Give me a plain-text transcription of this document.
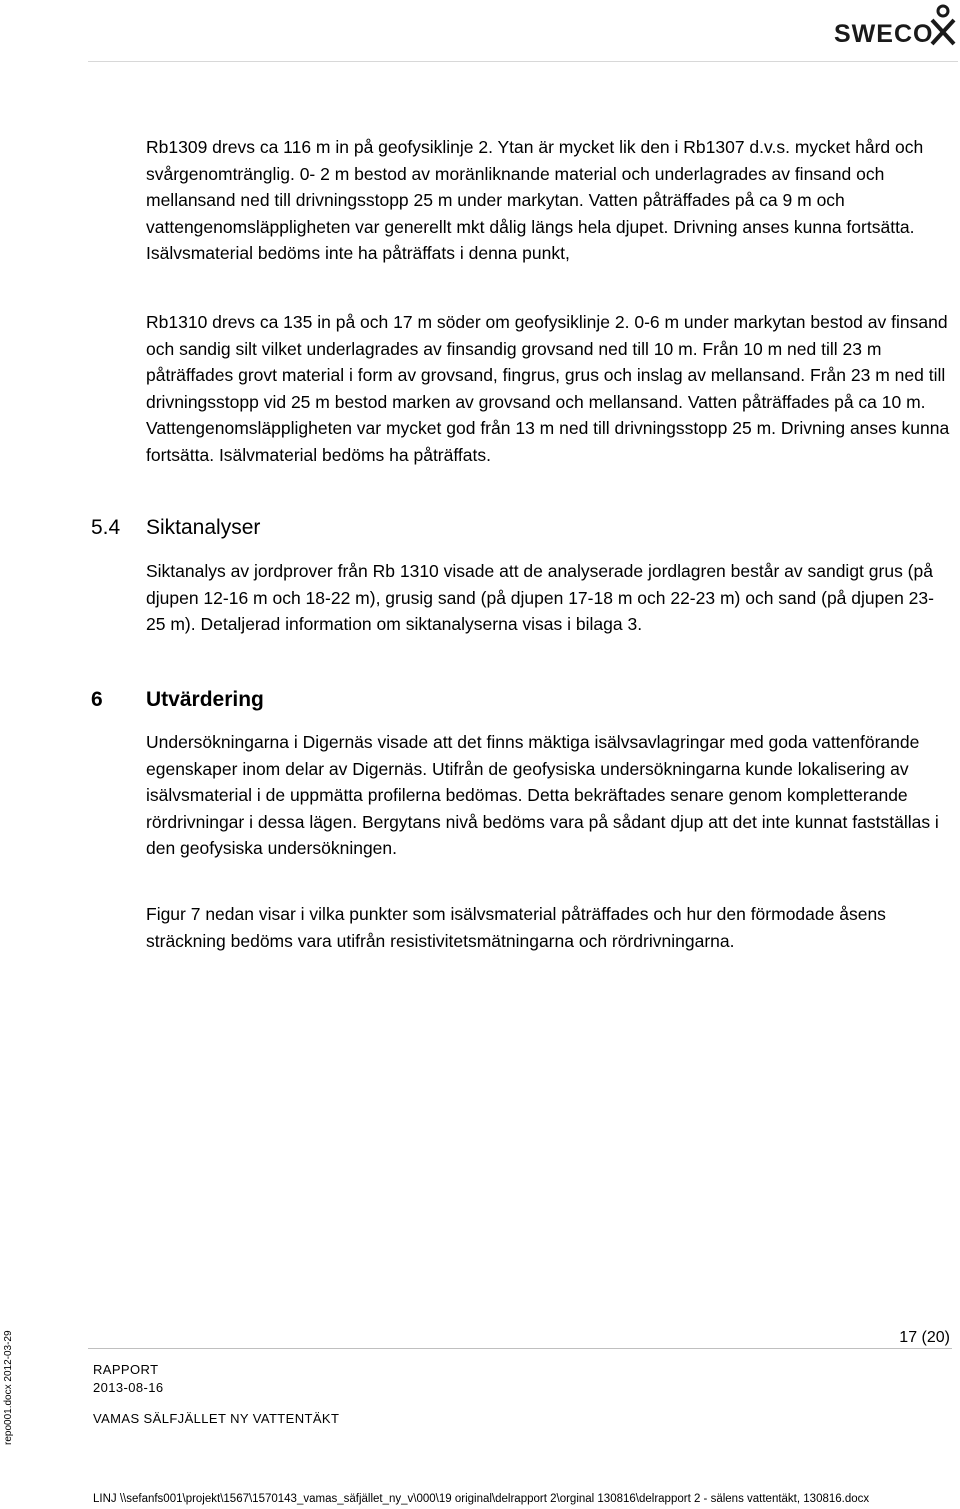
SWECO

Rb1309 drevs ca 116 m in på geofysiklinje 2. Ytan är mycket lik den i Rb1307 d.v.s. mycket hård och svårgenomtränglig. 0- 2 m bestod av moränliknande material och underlagrades av finsand och mellansand ned till drivningsstopp 25 m under markytan. Vatten påträffades på ca 9 m och vattengenomsläppligheten var generellt mkt dålig längs hela djupet. Drivning anses kunna fortsätta. Isälvsmaterial bedöms inte ha påträffats i denna punkt,

Rb1310 drevs ca 135 in på och 17 m söder om geofysiklinje 2. 0-6 m under markytan bestod av finsand och sandig silt vilket underlagrades av finsandig grovsand ned till 10 m. Från 10 m ned till 23 m påträffades grovt material i form av grovsand, fingrus, grus och inslag av mellansand. Från 23 m ned till drivningsstopp vid 25 m bestod marken av grovsand och mellansand. Vatten påträffades på ca 10 m. Vattengenomsläppligheten var mycket god från 13 m ned till drivningsstopp 25 m. Drivning anses kunna fortsätta. Isälvmaterial bedöms ha påträffats.

5.4 Siktanalyser

Siktanalys av jordprover från Rb 1310 visade att de analyserade jordlagren består av sandigt grus (på djupen 12-16 m och 18-22 m), grusig sand (på djupen 17-18 m och 22-23 m) och sand (på djupen 23-25 m). Detaljerad information om siktanalyserna visas i bilaga 3.

6 Utvärdering

Undersökningarna i Digernäs visade att det finns mäktiga isälvsavlagringar med goda vattenförande egenskaper inom delar av Digernäs. Utifrån de geofysiska undersökningarna kunde lokalisering av isälvsmaterial i de uppmätta profilerna bedömas. Detta bekräftades senare genom kompletterande rördrivningar i dessa lägen. Bergytans nivå bedöms vara på sådant djup att det inte kunnat fastställas i den geofysiska undersökningen.

Figur 7 nedan visar i vilka punkter som isälvsmaterial påträffades och hur den förmodade åsens sträckning bedöms vara utifrån resistivitetsmätningarna och rördrivningarna.

17 (20)
RAPPORT
2013-08-16
VAMAS SÄLFJÄLLET NY VATTENTÄKT
LINJ \\sefanfs001\projekt\1567\1570143_vamas_säfjället_ny_v\000\19 original\delrapport 2\orginal 130816\delrapport 2 - sälens vattentäkt, 130816.docx
repo001.docx 2012-03-29
